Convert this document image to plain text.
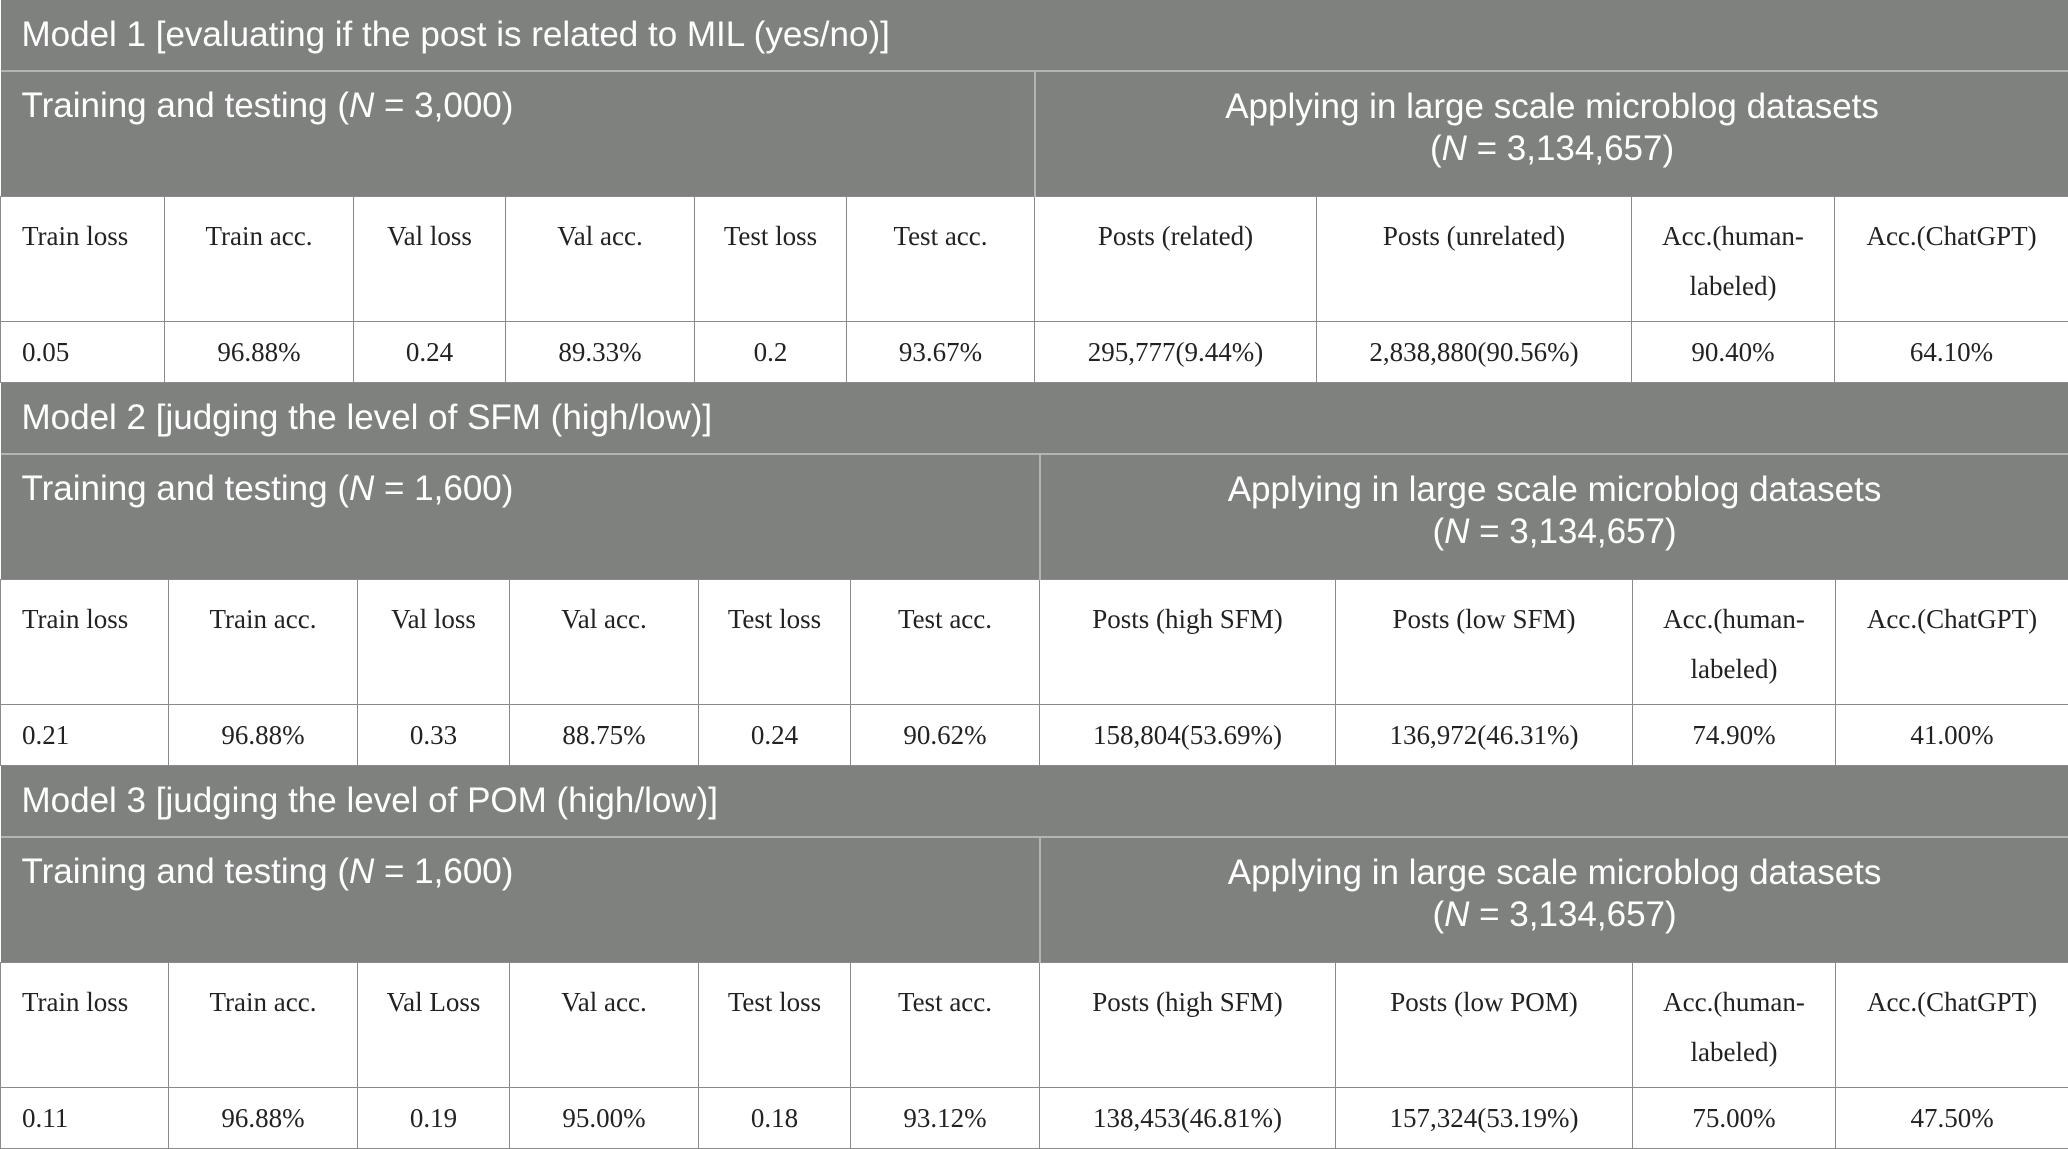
Model 1 [evaluating if the post is related to MIL (yes/no)]									
Training and testing (N = 3,000)						Applying in large scale microblog datasets
(N = 3,134,657)			
Train loss	Train acc.	Val loss	Val acc.	Test loss	Test acc.	Posts (related)	Posts (unrelated)	Acc.(human-labeled)	Acc.(ChatGPT)
0.05	96.88%	0.24	89.33%	0.2	93.67%	295,777(9.44%)	2,838,880(90.56%)	90.40%	64.10%
Model 2 [judging the level of SFM (high/low)]									
Training and testing (N = 1,600)						Applying in large scale microblog datasets
(N = 3,134,657)			
Train loss	Train acc.	Val loss	Val acc.	Test loss	Test acc.	Posts (high SFM)	Posts (low SFM)	Acc.(human-labeled)	Acc.(ChatGPT)
0.21	96.88%	0.33	88.75%	0.24	90.62%	158,804(53.69%)	136,972(46.31%)	74.90%	41.00%
Model 3 [judging the level of POM (high/low)]									
Training and testing (N = 1,600)						Applying in large scale microblog datasets
(N = 3,134,657)			
Train loss	Train acc.	Val Loss	Val acc.	Test loss	Test acc.	Posts (high SFM)	Posts (low POM)	Acc.(human-labeled)	Acc.(ChatGPT)
0.11	96.88%	0.19	95.00%	0.18	93.12%	138,453(46.81%)	157,324(53.19%)	75.00%	47.50%
